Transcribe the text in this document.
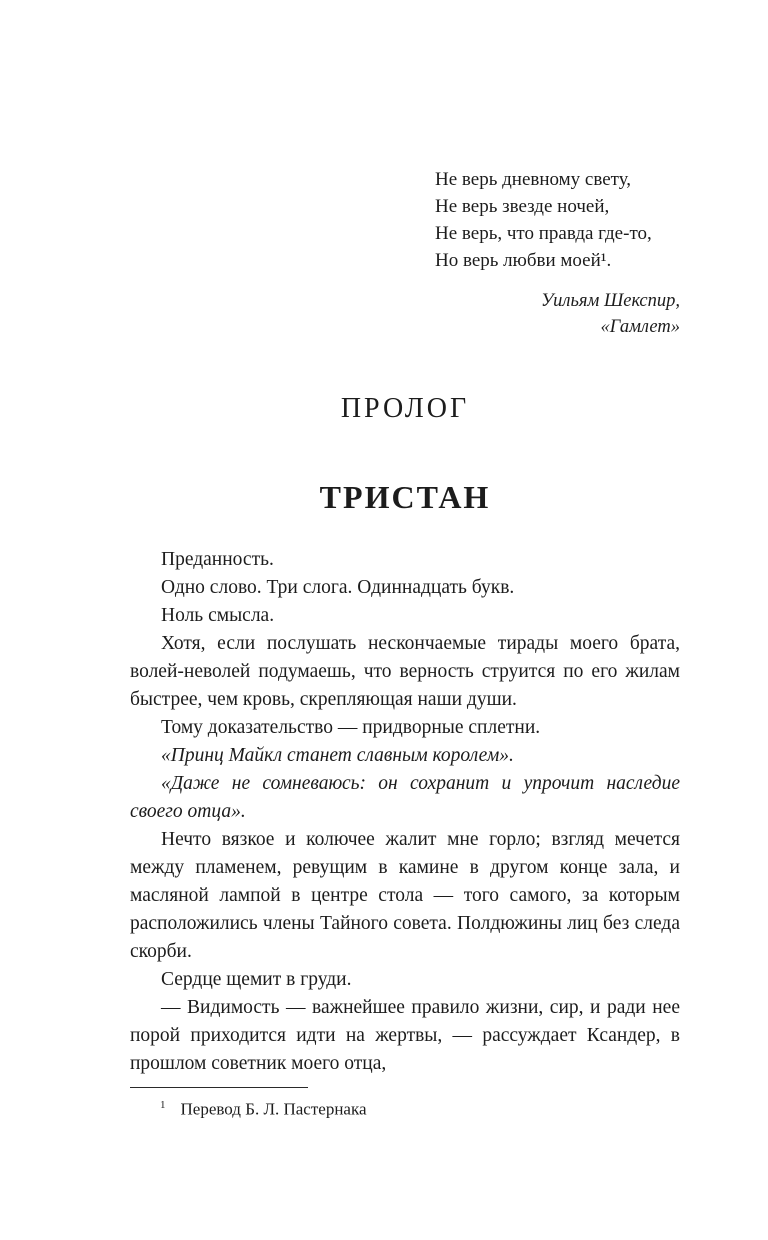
Не верь дневному свету,
Не верь звезде ночей,
Не верь, что правда где-то,
Но верь любви моей¹.
Уильям Шекспир,
«Гамлет»
ПРОЛОГ
ТРИСТАН

Преданность.

Одно слово. Три слога. Одиннадцать букв.

Ноль смысла.

Хотя, если послушать нескончаемые тирады моего брата, волей-неволей подумаешь, что верность струится по его жилам быстрее, чем кровь, скрепляющая наши души.

Тому доказательство — придворные сплетни.

«Принц Майкл станет славным королем».

«Даже не сомневаюсь: он сохранит и упрочит наследие своего отца».

Нечто вязкое и колючее жалит мне горло; взгляд мечется между пламенем, ревущим в камине в другом конце зала, и масляной лампой в центре стола — того самого, за которым расположились члены Тайного совета. Полдюжины лиц без следа скорби.

Сердце щемит в груди.

— Видимость — важнейшее правило жизни, сир, и ради нее порой приходится идти на жертвы, — рассуждает Ксандер, в прошлом советник моего отца,

$^1$ Перевод Б. Л. Пастернака
